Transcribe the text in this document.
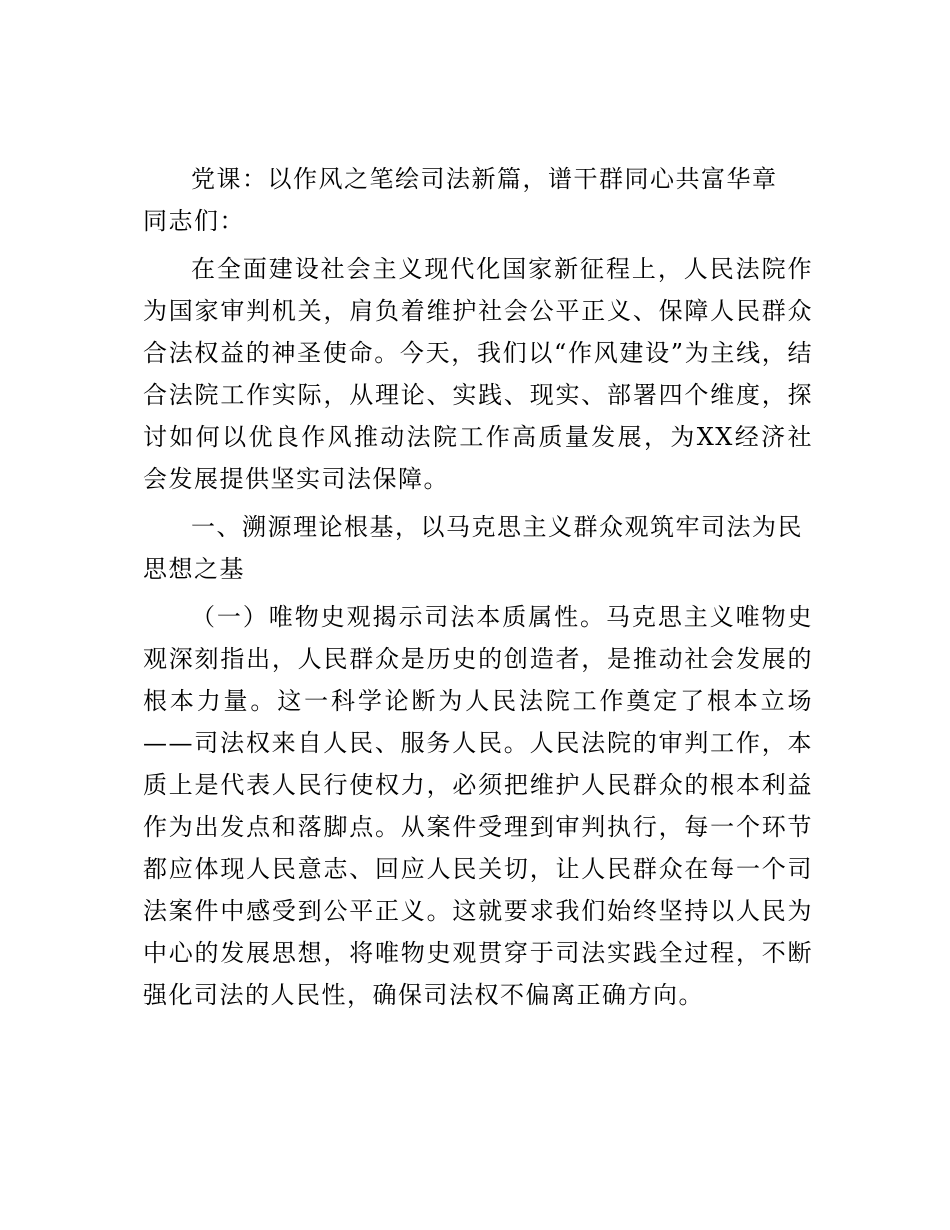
党课：以作风之笔绘司法新篇，谱干群同心共富华章

同志们：

在全面建设社会主义现代化国家新征程上，人民法院作为国家审判机关，肩负着维护社会公平正义、保障人民群众合法权益的神圣使命。今天，我们以“作风建设”为主线，结合法院工作实际，从理论、实践、现实、部署四个维度，探讨如何以优良作风推动法院工作高质量发展，为XX经济社会发展提供坚实司法保障。

一、溯源理论根基，以马克思主义群众观筑牢司法为民思想之基

（一）唯物史观揭示司法本质属性。马克思主义唯物史观深刻指出，人民群众是历史的创造者，是推动社会发展的根本力量。这一科学论断为人民法院工作奠定了根本立场——司法权来自人民、服务人民。人民法院的审判工作，本质上是代表人民行使权力，必须把维护人民群众的根本利益作为出发点和落脚点。从案件受理到审判执行，每一个环节都应体现人民意志、回应人民关切，让人民群众在每一个司法案件中感受到公平正义。这就要求我们始终坚持以人民为中心的发展思想，将唯物史观贯穿于司法实践全过程，不断强化司法的人民性，确保司法权不偏离正确方向。
